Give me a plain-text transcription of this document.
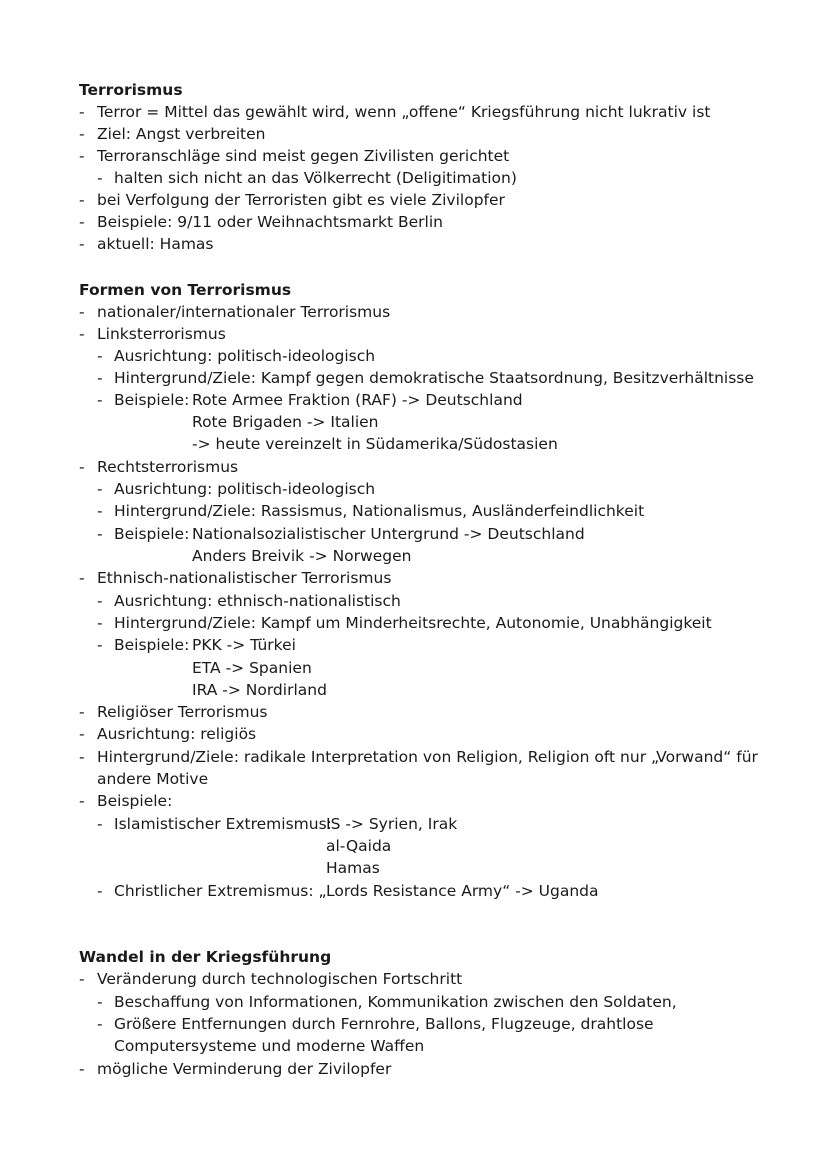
Terrorismus
- Terror = Mittel das gewählt wird, wenn „offene“ Kriegsführung nicht lukrativ ist
- Ziel: Angst verbreiten
- Terroranschläge sind meist gegen Zivilisten gerichtet
- halten sich nicht an das Völkerrecht (Deligitimation)
- bei Verfolgung der Terroristen gibt es viele Zivilopfer
- Beispiele: 9/11 oder Weihnachtsmarkt Berlin
- aktuell: Hamas
Formen von Terrorismus
- nationaler/internationaler Terrorismus
- Linksterrorismus
- Ausrichtung: politisch-ideologisch
- Hintergrund/Ziele: Kampf gegen demokratische Staatsordnung, Besitzverhältnisse
- Beispiele: Rote Armee Fraktion (RAF) -> Deutschland
Rote Brigaden -> Italien
-> heute vereinzelt in Südamerika/Südostasien
- Rechtsterrorismus
- Ausrichtung: politisch-ideologisch
- Hintergrund/Ziele: Rassismus, Nationalismus, Ausländerfeindlichkeit
- Beispiele: Nationalsozialistischer Untergrund -> Deutschland
Anders Breivik -> Norwegen
- Ethnisch-nationalistischer Terrorismus
- Ausrichtung: ethnisch-nationalistisch
- Hintergrund/Ziele: Kampf um Minderheitsrechte, Autonomie, Unabhängigkeit
- Beispiele: PKK -> Türkei
ETA -> Spanien
IRA -> Nordirland
- Religiöser Terrorismus
- Ausrichtung: religiös
- Hintergrund/Ziele: radikale Interpretation von Religion, Religion oft nur „Vorwand“ für
andere Motive
- Beispiele:
- Islamistischer Extremismus:
IS -> Syrien, Irak
al-Qaida
Hamas
- Christlicher Extremismus: „Lords Resistance Army“ -> Uganda
Wandel in der Kriegsführung
- Veränderung durch technologischen Fortschritt
- Beschaffung von Informationen, Kommunikation zwischen den Soldaten,
- Größere Entfernungen durch Fernrohre, Ballons, Flugzeuge, drahtlose
Computersysteme und moderne Waffen
- mögliche Verminderung der Zivilopfer
